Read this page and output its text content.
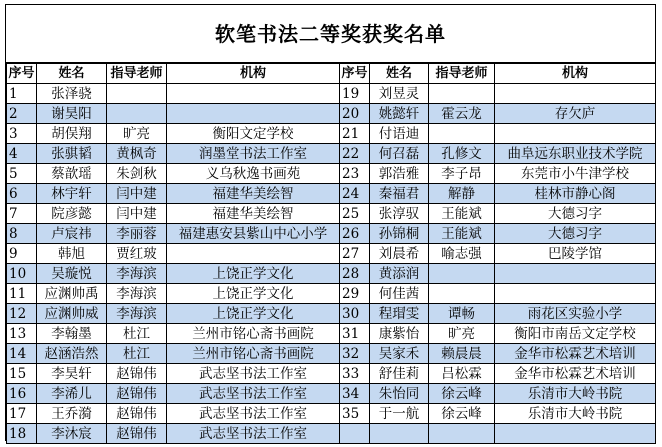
软笔书法二等奖获奖名单
序号	姓名	指导老师	机构	序号	姓名	指导老师	机构
1	张泽骁			19	刘昱灵		
2	谢昊阳			20	姚懿轩	霍云龙	存欠庐
3	胡俣翔	旷亮	衡阳文定学校	21	付语迪		
4	张骐韬	黄枫奇	润墨堂书法工作室	22	何召磊	孔修文	曲阜远东职业技术学院
5	蔡歆瑶	朱剑秋	义乌秋逸书画苑	23	郭浩雅	李子昂	东莞市小牛津学校
6	林宇轩	闫中建	福建华美绘智	24	秦福君	解静	桂林市静心阁
7	院彦懿	闫中建	福建华美绘智	25	张淳驭	王能斌	大德习字
8	卢宸祎	李丽蓉	福建惠安县紫山中心小学	26	孙锦桐	王能斌	大德习字
9	韩旭	贾红玻		27	刘晨希	喻志强	巴陵学馆
10	吴璇悦	李海滨	上饶正学文化	28	黄添润		
11	应渊帅禹	李海滨	上饶正学文化	29	何佳茜		
12	应渊帅威	李海滨	上饶正学文化	30	程瑁雯	谭畅	雨花区实验小学
13	李翰墨	杜江	兰州市铭心斋书画院	31	康紫怡	旷亮	衡阳市南岳文定学校
14	赵涵浩然	杜江	兰州市铭心斋书画院	32	吴家禾	赖晨晨	金华市松霖艺术培训
15	李昊轩	赵锦伟	武志坚书法工作室	33	舒佳莉	吕松霖	金华市松霖艺术培训
16	李浠儿	赵锦伟	武志坚书法工作室	34	朱怡同	徐云峰	乐清市大岭书院
17	王乔漪	赵锦伟	武志坚书法工作室	35	于一航	徐云峰	乐清市大岭书院
18	李沐宸	赵锦伟	武志坚书法工作室				
